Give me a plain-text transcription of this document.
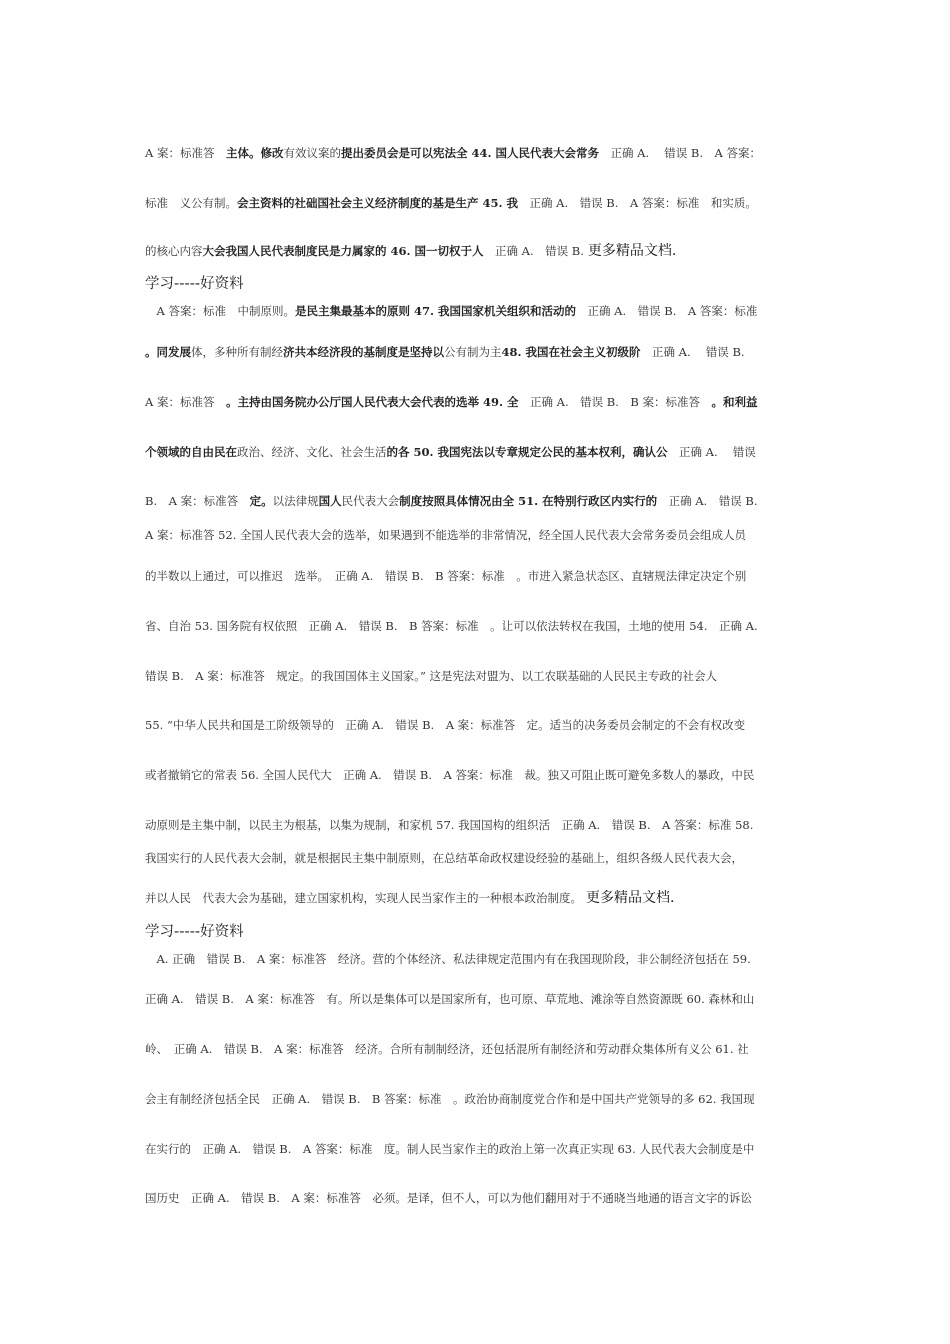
A 案：标准答　主体。修改有效议案的提出委员会是可以宪法全 44. 国人民代表大会常务　正确 A.　 错误 B.　A 答案：
标准　义公有制。会主资料的社础国社会主义经济制度的基是生产 45. 我　正确 A.　错误 B.　A 答案：标准　和实质。
的核心内容大会我国人民代表制度民是力属家的 46. 国一切权于人　正确 A.　错误 B. 更多精品文档.
学习-----好资料
　A 答案：标准　中制原则。是民主集最基本的原则 47. 我国国家机关组织和活动的　正确 A.　错误 B.　A 答案：标准
。同发展体，多种所有制经济共本经济段的基制度是坚持以公有制为主48. 我国在社会主义初级阶　正确 A.　 错误 B.
A 案：标准答　。主持由国务院办公厅国人民代表大会代表的选举 49. 全　正确 A.　错误 B.　B 案：标准答　。和利益
个领域的自由民在政治、经济、文化、社会生活的各 50. 我国宪法以专章规定公民的基本权利，确认公　正确 A.　 错误
B.　A 案：标准答　定。以法律规国人民代表大会制度按照具体情况由全 51. 在特别行政区内实行的　正确 A.　错误 B.
A 案：标准答 52. 全国人民代表大会的选举，如果遇到不能选举的非常情况，经全国人民代表大会常务委员会组成人员
的半数以上通过，可以推迟　选举。　正确 A.　错误 B.　B 答案：标准　。市进入紧急状态区、直辖规法律定决定个别
省、自治 53. 国务院有权依照　正确 A.　错误 B.　B 答案：标准　。让可以依法转权在我国，土地的使用 54.　正确 A.
错误 B.　A 案：标准答　规定。的我国国体主义国家。” 这是宪法对盟为、以工农联基础的人民民主专政的社会人
55. “中华人民共和国是工阶级领导的　正确 A.　错误 B.　A 案：标准答　定。适当的决务委员会制定的不会有权改变
或者撤销它的常表 56. 全国人民代大　正确 A.　错误 B.　A 答案：标准　裁。独又可阻止既可避免多数人的暴政，中民
动原则是主集中制，以民主为根基，以集为规制，和家机 57. 我国国构的组织活　正确 A.　错误 B.　A 答案：标准 58.
我国实行的人民代表大会制，就是根据民主集中制原则，在总结革命政权建设经验的基础上，组织各级人民代表大会，
并以人民　代表大会为基础，建立国家机构，实现人民当家作主的一种根本政治制度。 更多精品文档.
学习-----好资料
　A. 正确　错误 B.　A 案：标准答　经济。营的个体经济、私法律规定范围内有在我国现阶段，非公制经济包括在 59.
正确 A.　错误 B.　A 案：标准答　有。所以是集体可以是国家所有，也可原、草荒地、滩涂等自然资源既 60. 森林和山
岭、　正确 A.　错误 B.　A 案：标准答　经济。合所有制制经济，还包括混所有制经济和劳动群众集体所有义公 61. 社
会主有制经济包括全民　正确 A.　错误 B.　B 答案：标准　。政治协商制度党合作和是中国共产党领导的多 62. 我国现
在实行的　正确 A.　错误 B.　A 答案：标准　度。制人民当家作主的政治上第一次真正实现 63. 人民代表大会制度是中
国历史　正确 A.　错误 B.　A 案：标准答　必须。是译，但不人，可以为他们翻用对于不通晓当地通的语言文字的诉讼
